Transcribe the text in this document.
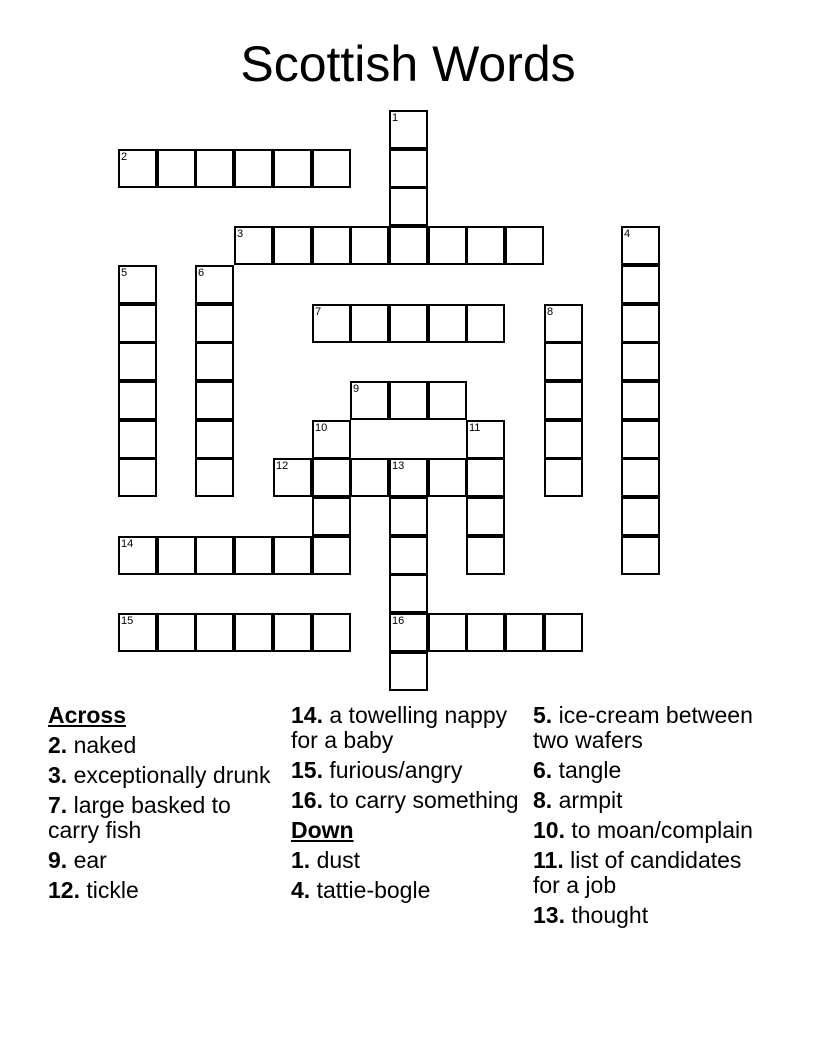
Scottish Words
1
2
3	4
5	6
7	8
9
10	11
12	13
16
14
15
Across
2. naked
3. exceptionally drunk
7. large basked to carry fish
9. ear
12. tickle
14. a towelling nappy for a baby
15. furious/angry
16. to carry something
Down
1. dust
4. tattie-bogle
5. ice-cream between two wafers
6. tangle
8. armpit
10. to moan/complain
11. list of candidates for a job
13. thought
